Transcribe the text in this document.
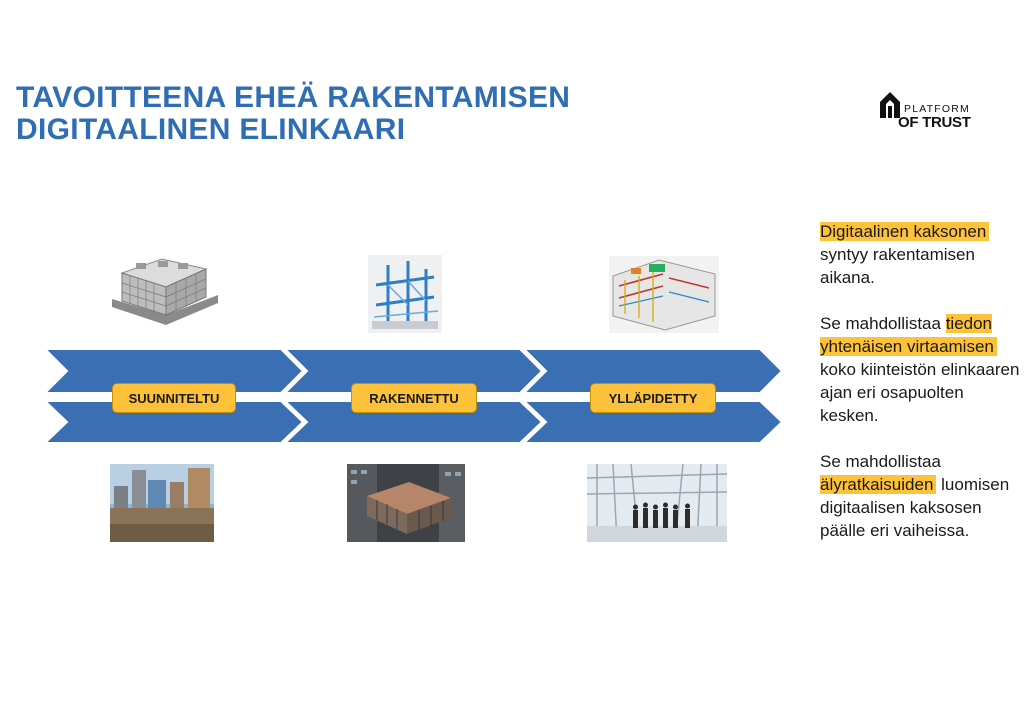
TAVOITTEENA EHEÄ RAKENTAMISEN
DIGITAALINEN ELINKAARI
PLATFORM
OF TRUST
SUUNNITELTU	RAKENNETTU	YLLÄPIDETTY

Digitaalinen kaksonen syntyy rakentamisen aikana.

Se mahdollistaa tiedon yhtenäisen virtaamisen koko kiinteistön elinkaaren ajan eri osapuolten kesken.

Se mahdollistaa älyratkaisuiden luomisen digitaalisen kaksosen päälle eri vaiheissa.
